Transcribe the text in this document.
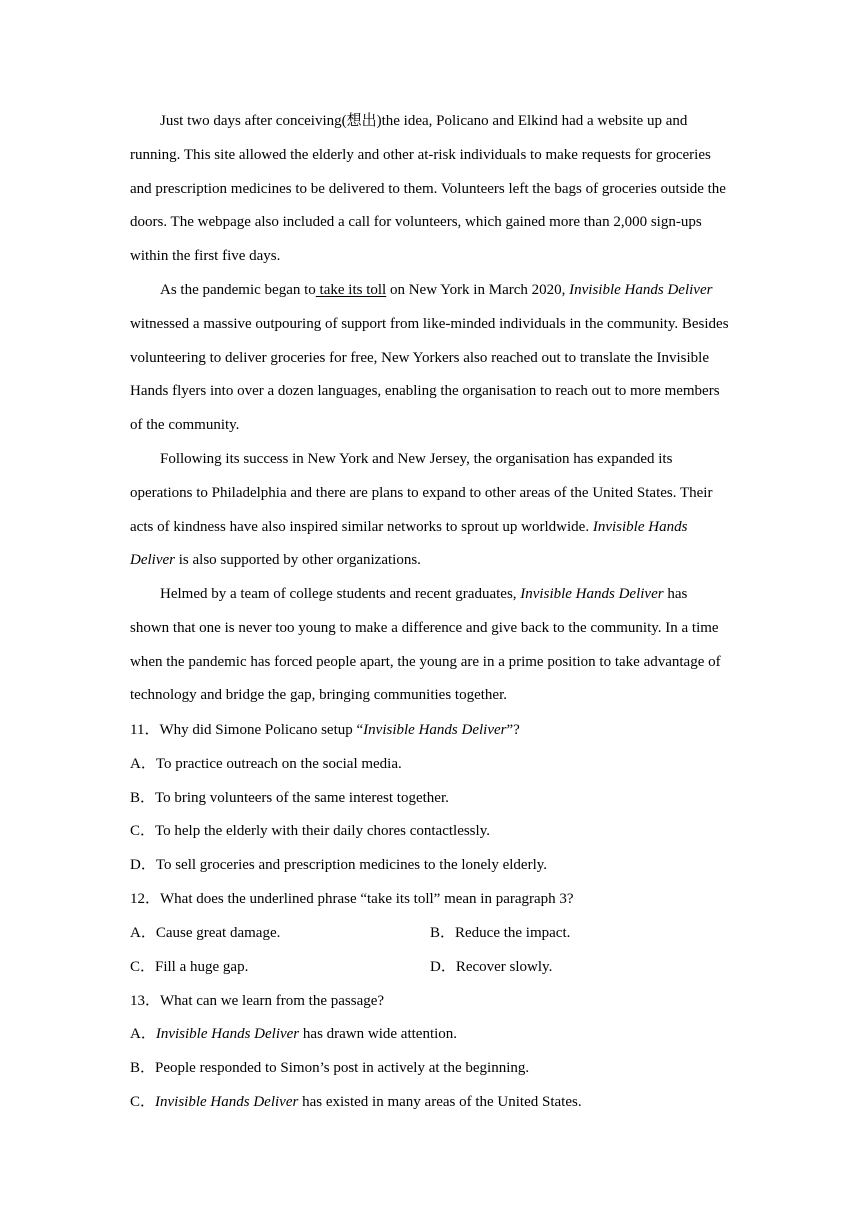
Just two days after conceiving(想出)the idea, Policano and Elkind had a website up and running. This site allowed the elderly and other at-risk individuals to make requests for groceries and prescription medicines to be delivered to them. Volunteers left the bags of groceries outside the doors. The webpage also included a call for volunteers, which gained more than 2,000 sign-ups within the first five days.

As the pandemic began to take its toll on New York in March 2020, Invisible Hands Deliver witnessed a massive outpouring of support from like-minded individuals in the community. Besides volunteering to deliver groceries for free, New Yorkers also reached out to translate the Invisible Hands flyers into over a dozen languages, enabling the organisation to reach out to more members of the community.

Following its success in New York and New Jersey, the organisation has expanded its operations to Philadelphia and there are plans to expand to other areas of the United States. Their acts of kindness have also inspired similar networks to sprout up worldwide. Invisible Hands Deliver is also supported by other organizations.

Helmed by a team of college students and recent graduates, Invisible Hands Deliver has shown that one is never too young to make a difference and give back to the community. In a time when the pandemic has forced people apart, the young are in a prime position to take advantage of technology and bridge the gap, bringing communities together.

11．Why did Simone Policano setup “Invisible Hands Deliver”?
A．To practice outreach on the social media.
B．To bring volunteers of the same interest together.
C．To help the elderly with their daily chores contactlessly.
D．To sell groceries and prescription medicines to the lonely elderly.
12．What does the underlined phrase “take its toll” mean in paragraph 3?
A．Cause great damage.	B．Reduce the impact.
C．Fill a huge gap.	D．Recover slowly.
13．What can we learn from the passage?
A．Invisible Hands Deliver has drawn wide attention.
B．People responded to Simon’s post in actively at the beginning.
C．Invisible Hands Deliver has existed in many areas of the United States.
